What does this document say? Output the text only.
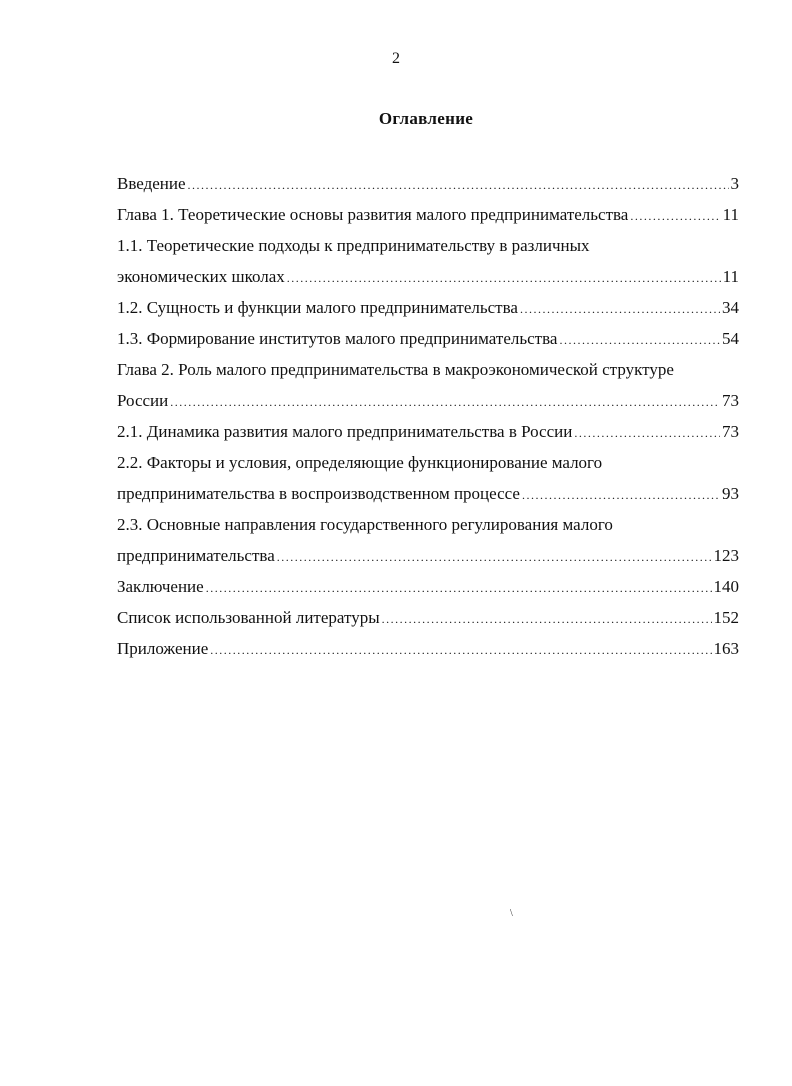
2
Оглавление
Введение .....	3
Глава 1. Теоретические основы развития малого предпринимательства .....	11
1.1. Теоретические подходы к предпринимательству в различных
экономических школах .....	11
1.2. Сущность и функции малого предпринимательства .....	34
1.3. Формирование институтов малого предпринимательства .....	54
Глава 2. Роль малого предпринимательства в макроэкономической структуре
России .....	73
2.1. Динамика развития малого предпринимательства в России .....	73
2.2. Факторы и условия, определяющие функционирование малого
предпринимательства в воспроизводственном процессе .....	93
2.3. Основные направления государственного регулирования малого
предпринимательства .....	123
Заключение .....	140
Список использованной литературы .....	152
Приложение .....	163
\
